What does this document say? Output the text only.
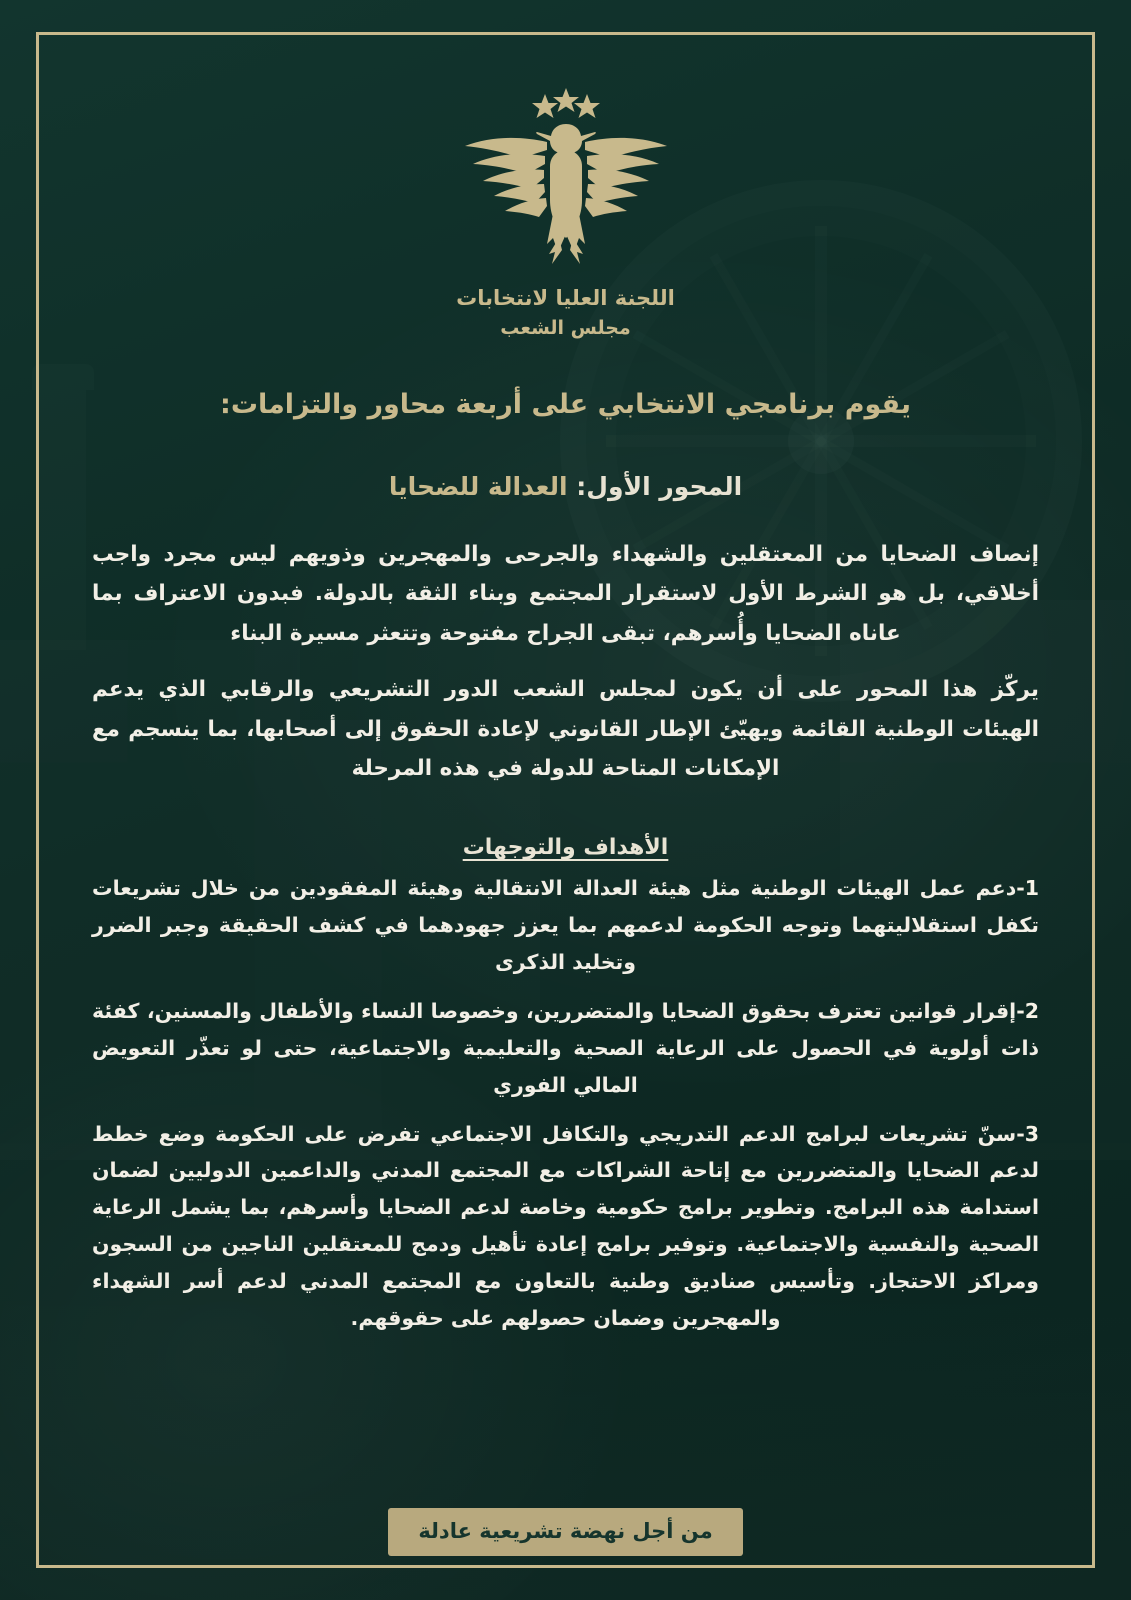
اللجنة العليا لانتخابات
مجلس الشعب
يقوم برنامجي الانتخابي على أربعة محاور والتزامات:
المحور الأول: العدالة للضحايا

إنصاف الضحايا من المعتقلين والشهداء والجرحى والمهجرين وذويهم ليس مجرد واجب أخلاقي، بل هو الشرط الأول لاستقرار المجتمع وبناء الثقة بالدولة. فبدون الاعتراف بما عاناه الضحايا وأُسرهم، تبقى الجراح مفتوحة وتتعثر مسيرة البناء

يركّز هذا المحور على أن يكون لمجلس الشعب الدور التشريعي والرقابي الذي يدعم الهيئات الوطنية القائمة ويهيّئ الإطار القانوني لإعادة الحقوق إلى أصحابها، بما ينسجم مع الإمكانات المتاحة للدولة في هذه المرحلة

الأهداف والتوجهات
1-دعم عمل الهيئات الوطنية مثل هيئة العدالة الانتقالية وهيئة المفقودين من خلال تشريعات تكفل استقلاليتهما وتوجه الحكومة لدعمهم بما يعزز جهودهما في كشف الحقيقة وجبر الضرر وتخليد الذكرى
2-إقرار قوانين تعترف بحقوق الضحايا والمتضررين، وخصوصا النساء والأطفال والمسنين، كفئة ذات أولوية في الحصول على الرعاية الصحية والتعليمية والاجتماعية، حتى لو تعذّر التعويض المالي الفوري
3-سنّ تشريعات لبرامج الدعم التدريجي والتكافل الاجتماعي تفرض على الحكومة وضع خطط لدعم الضحايا والمتضررين مع إتاحة الشراكات مع المجتمع المدني والداعمين الدوليين لضمان استدامة هذه البرامج. وتطوير برامج حكومية وخاصة لدعم الضحايا وأسرهم، بما يشمل الرعاية الصحية والنفسية والاجتماعية. وتوفير برامج إعادة تأهيل ودمج للمعتقلين الناجين من السجون ومراكز الاحتجاز. وتأسيس صناديق وطنية بالتعاون مع المجتمع المدني لدعم أسر الشهداء والمهجرين وضمان حصولهم على حقوقهم.
من أجل نهضة تشريعية عادلة
